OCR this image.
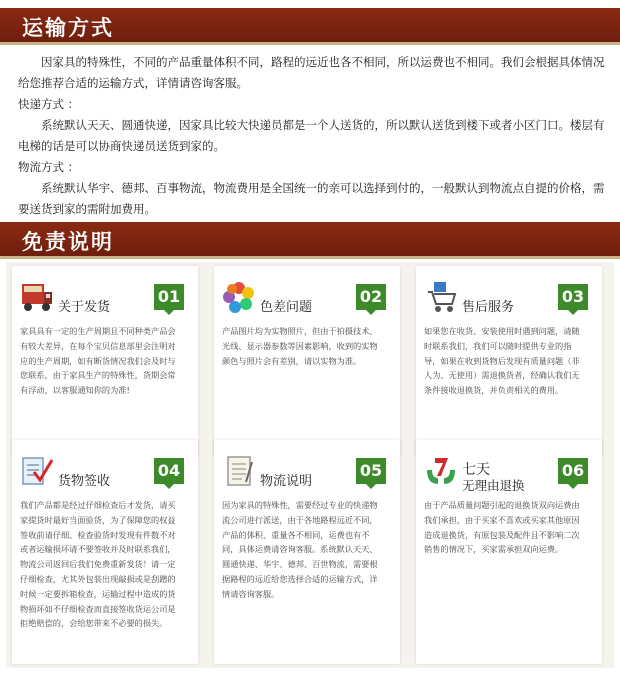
运输方式

因家具的特殊性，不同的产品重量体积不同，路程的远近也各不相同，所以运费也不相同。我们会根据具体情况给您推荐合适的运输方式，详情请咨询客服。

快递方式 ：

系统默认天天、圆通快递，因家具比较大快递员都是一个人送货的，所以默认送货到楼下或者小区门口。楼层有电梯的话是可以协商快递员送货到家的。

物流方式 ：

系统默认华宇、德邦、百事物流，物流费用是全国统一的亲可以选择到付的，一般默认到物流点自提的价格，需要送货到家的需附加费用。

免责说明
关于发货
01
家具具有一定的生产周期且不同种类产品会有较大差异，在每个宝贝信息部里会注明对应的生产周期，如有断货情况我们会及时与您联系，由于家具生产的特殊性，货期会常有浮动，以客服通知你的为准!
色差问题
02
产品图片均为实物照片，但由于拍摄技术、光线、显示器参数等因素影响，收到的实物颜色与照片会有差别，请以实物为准。
售后服务
03
如果您在收货、安装使用时遇到问题，请随时联系我们，我们可以随时提供专业的指导，如果在收到货物后发现有质量问题（非人为、无使用）需退换货者，经确认我们无条件接收退换货，并负责相关的费用。
货物签收
04
我们产品都是经过仔细检查后才发货，请买家提货时最好当面验货，为了保障您的权益签收前请仔细、检查验货时发现有件数不对或者运输损坏请不要签收并及时联系我们，物流公司返回后我们免费重新发货！请一定仔细检查，尤其外包装出现敲损或是刮蹭的时候一定要拆箱检查，运输过程中造成的货物损坏如不仔细检查而直接签收货运公司是拒绝赔偿的，会给您带来不必要的损失。
物流说明
05
因为家具的特殊性，需要经过专业的快递物流公司进行派送，由于各地路程远近不同，产品的体积、重量各不相同，运费也有不同，具体运费请咨询客服。系统默认天天、圆通快递、华宇、德邦、百世物流，需要根据路程的远近给您选择合适的运输方式，详情请咨询客服。
七天
无理由退换
06
由于产品质量问题引起的退换货双向运费由我们承担，由于买家不喜欢或买家其他原因造成退换货，有原包装及配件且不影响二次销售的情况下，买家需承担双向运费。
